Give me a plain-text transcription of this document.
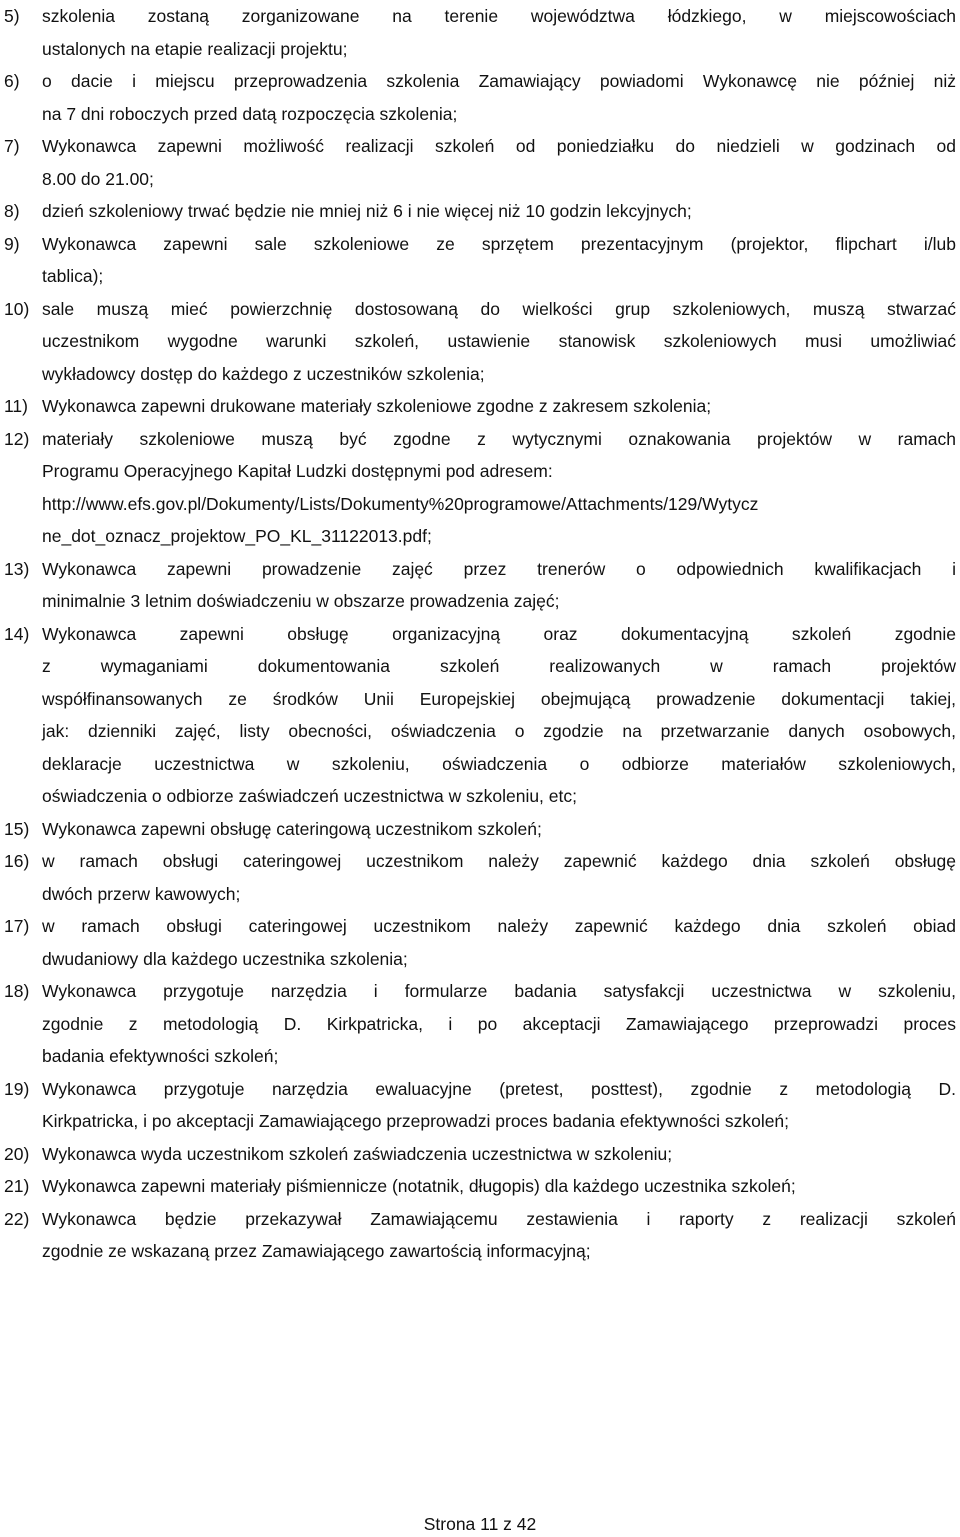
5) szkolenia zostaną zorganizowane na terenie województwa łódzkiego, w miejscowościach
ustalonych na etapie realizacji projektu;
6) o dacie i miejscu przeprowadzenia szkolenia Zamawiający powiadomi Wykonawcę nie później niż
na 7 dni roboczych przed datą rozpoczęcia szkolenia;
7) Wykonawca zapewni możliwość realizacji szkoleń od poniedziałku do niedzieli w godzinach od
8.00 do 21.00;
8) dzień szkoleniowy trwać będzie nie mniej niż 6 i nie więcej niż 10 godzin lekcyjnych;
9) Wykonawca zapewni sale szkoleniowe ze sprzętem prezentacyjnym (projektor, flipchart i/lub
tablica);
10) sale muszą mieć powierzchnię dostosowaną do wielkości grup szkoleniowych, muszą stwarzać
uczestnikom wygodne warunki szkoleń, ustawienie stanowisk szkoleniowych musi umożliwiać
wykładowcy dostęp do każdego z uczestników szkolenia;
11) Wykonawca zapewni drukowane materiały szkoleniowe zgodne z zakresem szkolenia;
12) materiały szkoleniowe muszą być zgodne z wytycznymi oznakowania projektów w ramach
Programu Operacyjnego Kapitał Ludzki dostępnymi pod adresem:
http://www.efs.gov.pl/Dokumenty/Lists/Dokumenty%20programowe/Attachments/129/Wytycz
ne_dot_oznacz_projektow_PO_KL_31122013.pdf;
13) Wykonawca zapewni prowadzenie zajęć przez trenerów o odpowiednich kwalifikacjach i
minimalnie 3 letnim doświadczeniu w obszarze prowadzenia zajęć;
14) Wykonawca zapewni obsługę organizacyjną oraz dokumentacyjną szkoleń zgodnie
z wymaganiami dokumentowania szkoleń realizowanych w ramach projektów
współfinansowanych ze środków Unii Europejskiej obejmującą prowadzenie dokumentacji takiej,
jak: dzienniki zajęć, listy obecności, oświadczenia o zgodzie na przetwarzanie danych osobowych,
deklaracje uczestnictwa w szkoleniu, oświadczenia o odbiorze materiałów szkoleniowych,
oświadczenia o odbiorze zaświadczeń uczestnictwa w szkoleniu, etc;
15) Wykonawca zapewni obsługę cateringową uczestnikom szkoleń;
16) w ramach obsługi cateringowej uczestnikom należy zapewnić każdego dnia szkoleń obsługę
dwóch przerw kawowych;
17) w ramach obsługi cateringowej uczestnikom należy zapewnić każdego dnia szkoleń obiad
dwudaniowy dla każdego uczestnika szkolenia;
18) Wykonawca przygotuje narzędzia i formularze badania satysfakcji uczestnictwa w szkoleniu,
zgodnie z metodologią D. Kirkpatricka, i po akceptacji Zamawiającego przeprowadzi proces
badania efektywności szkoleń;
19) Wykonawca przygotuje narzędzia ewaluacyjne (pretest, posttest), zgodnie z metodologią D.
Kirkpatricka, i po akceptacji Zamawiającego przeprowadzi proces badania efektywności szkoleń;
20) Wykonawca wyda uczestnikom szkoleń zaświadczenia uczestnictwa w szkoleniu;
21) Wykonawca zapewni materiały piśmiennicze (notatnik, długopis) dla każdego uczestnika szkoleń;
22) Wykonawca będzie przekazywał Zamawiającemu zestawienia i raporty z realizacji szkoleń
zgodnie ze wskazaną przez Zamawiającego zawartością informacyjną;
Strona 11 z 42
